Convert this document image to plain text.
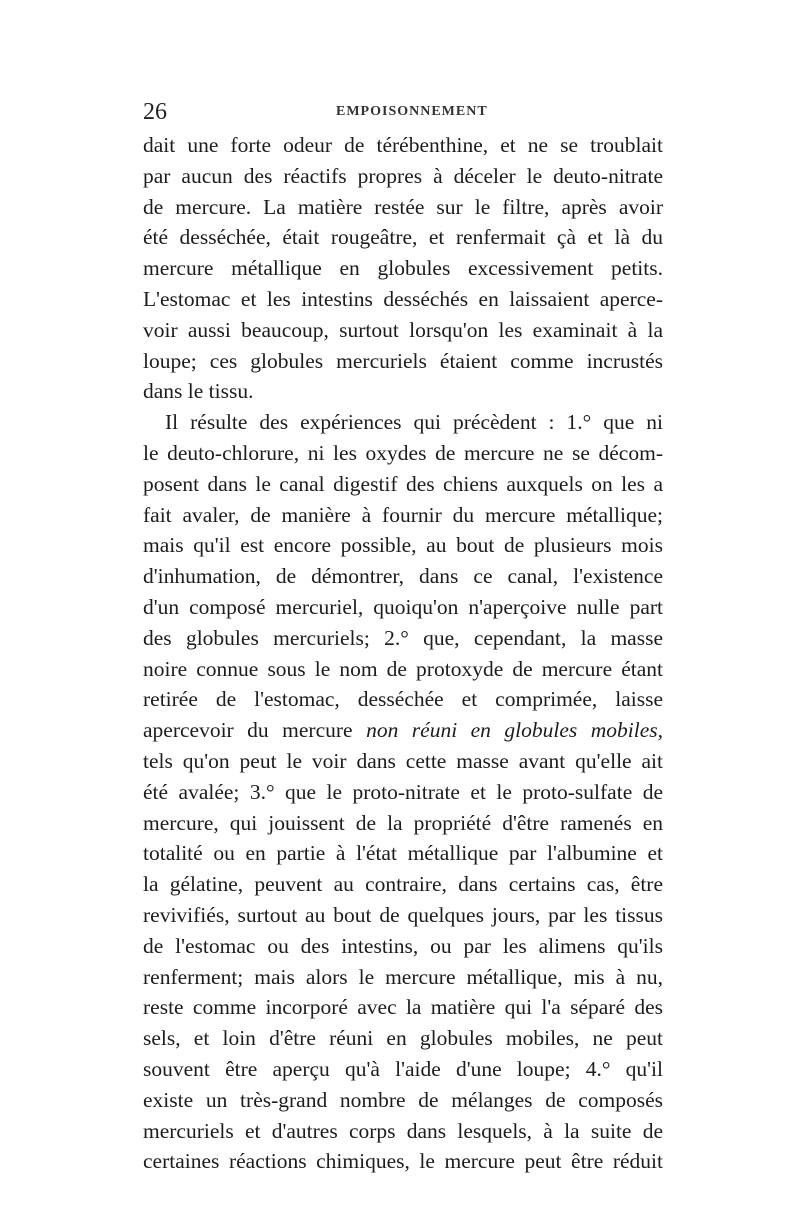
26	EMPOISONNEMENT
dait une forte odeur de térébenthine, et ne se troublait
par aucun des réactifs propres à déceler le deuto-nitrate
de mercure. La matière restée sur le filtre, après avoir
été desséchée, était rougeâtre, et renfermait çà et là du
mercure métallique en globules excessivement petits.
L'estomac et les intestins desséchés en laissaient aperce-
voir aussi beaucoup, surtout lorsqu'on les examinait à la
loupe; ces globules mercuriels étaient comme incrustés
dans le tissu.
Il résulte des expériences qui précèdent : 1.° que ni
le deuto-chlorure, ni les oxydes de mercure ne se décom-
posent dans le canal digestif des chiens auxquels on les a
fait avaler, de manière à fournir du mercure métallique;
mais qu'il est encore possible, au bout de plusieurs mois
d'inhumation, de démontrer, dans ce canal, l'existence
d'un composé mercuriel, quoiqu'on n'aperçoive nulle part
des globules mercuriels; 2.° que, cependant, la masse
noire connue sous le nom de protoxyde de mercure étant
retirée de l'estomac, desséchée et comprimée, laisse
apercevoir du mercure non réuni en globules mobiles,
tels qu'on peut le voir dans cette masse avant qu'elle ait
été avalée; 3.° que le proto-nitrate et le proto-sulfate de
mercure, qui jouissent de la propriété d'être ramenés en
totalité ou en partie à l'état métallique par l'albumine et
la gélatine, peuvent au contraire, dans certains cas, être
revivifiés, surtout au bout de quelques jours, par les tissus
de l'estomac ou des intestins, ou par les alimens qu'ils
renferment; mais alors le mercure métallique, mis à nu,
reste comme incorporé avec la matière qui l'a séparé des
sels, et loin d'être réuni en globules mobiles, ne peut
souvent être aperçu qu'à l'aide d'une loupe; 4.° qu'il
existe un très-grand nombre de mélanges de composés
mercuriels et d'autres corps dans lesquels, à la suite de
certaines réactions chimiques, le mercure peut être réduit
